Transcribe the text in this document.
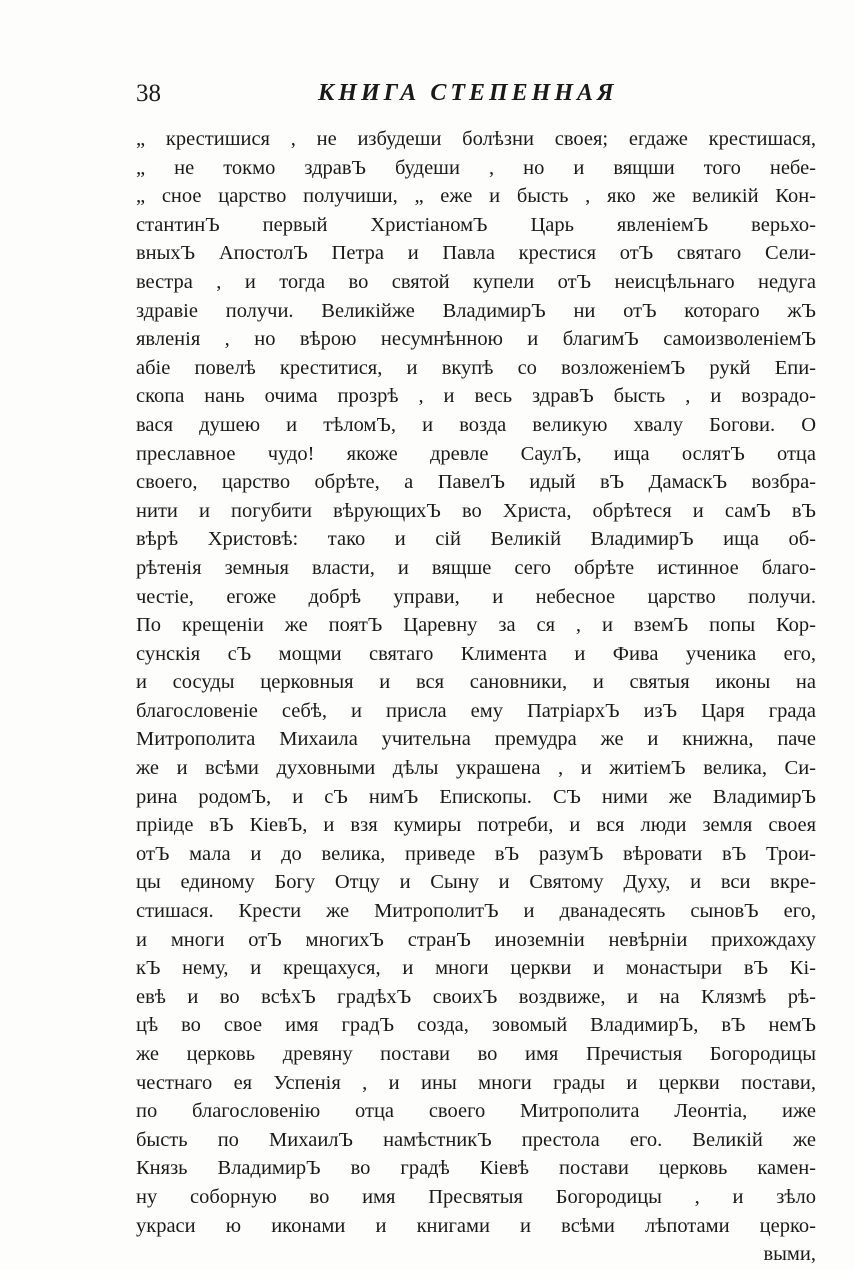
38	КНИГА СТЕПЕННАЯ
„ крестишися , не избудеши болѣзни своея; егдаже крестишася,
„ не токмо здравЪ будеши , но и вящши того небе-
„ сное царство получиши, „ еже и бысть , яко же великій Кон-
стантинЪ первый ХристіаномЪ Царь явленіемЪ верьхо-
вныхЪ АпостолЪ Петра и Павла крестися отЪ святаго Сели-
вестра , и тогда во святой купели отЪ неисцѣльнаго недуга
здравіе получи. Великійже ВладимирЪ ни отЪ котораго жЪ
явленія , но вѣрою несумнѣнною и благимЪ самоизволеніемЪ
абіе повелѣ креститися, и вкупѣ со возложеніемЪ рукй Епи-
скопа нань очима прозрѣ , и весь здравЪ бысть , и возрадо-
вася душею и тѣломЪ, и возда великую хвалу Богови. О
преславное чудо! якоже древле СаулЪ, ища ослятЪ отца
своего, царство обрѣте, а ПавелЪ идый вЪ ДамаскЪ возбра-
нити и погубити вѣрующихЪ во Христа, обрѣтеся и самЪ вЪ
вѣрѣ Христовѣ: тако и сій Великій ВладимирЪ ища об-
рѣтенія земныя власти, и вящше сего обрѣте истинное благо-
честіе, егоже добрѣ управи, и небесное царство получи.
По крещеніи же поятЪ Царевну за ся , и вземЪ попы Кор-
сунскія сЪ мощми святаго Климента и Фива ученика его,
и сосуды церковныя и вся сановники, и святыя иконы на
благословеніе себѣ, и присла ему ПатріархЪ изЪ Царя града
Митрополита Михаила учительна премудра же и книжна, паче
же и всѣми духовными дѣлы украшена , и житіемЪ велика, Си-
рина родомЪ, и сЪ нимЪ Епископы. СЪ ними же ВладимирЪ
пріиде вЪ КіевЪ, и взя кумиры потреби, и вся люди земля своея
отЪ мала и до велика, приведе вЪ разумЪ вѣровати вЪ Трои-
цы единому Богу Отцу и Сыну и Святому Духу, и вси вкре-
стишася. Крести же МитрополитЪ и дванадесять сыновЪ его,
и многи отЪ многихЪ странЪ иноземніи невѣрніи прихождаху
кЪ нему, и крещахуся, и многи церкви и монастыри вЪ Кі-
евѣ и во всѣхЪ градѣхЪ своихЪ воздвиже, и на Клязмѣ рѣ-
цѣ во свое имя градЪ созда, зовомый ВладимирЪ, вЪ немЪ
же церковь древяну постави во имя Пречистыя Богородицы
честнаго ея Успенія , и ины многи грады и церкви постави,
по благословенію отца своего Митрополита Леонтіа, иже
бысть по МихаилЪ намѣстникЪ престола его. Великій же
Князь ВладимирЪ во градѣ Кіевѣ постави церковь камен-
ну соборную во имя Пресвятыя Богородицы , и зѣло
украси ю иконами и книгами и всѣми лѣпотами церко-
выми,
